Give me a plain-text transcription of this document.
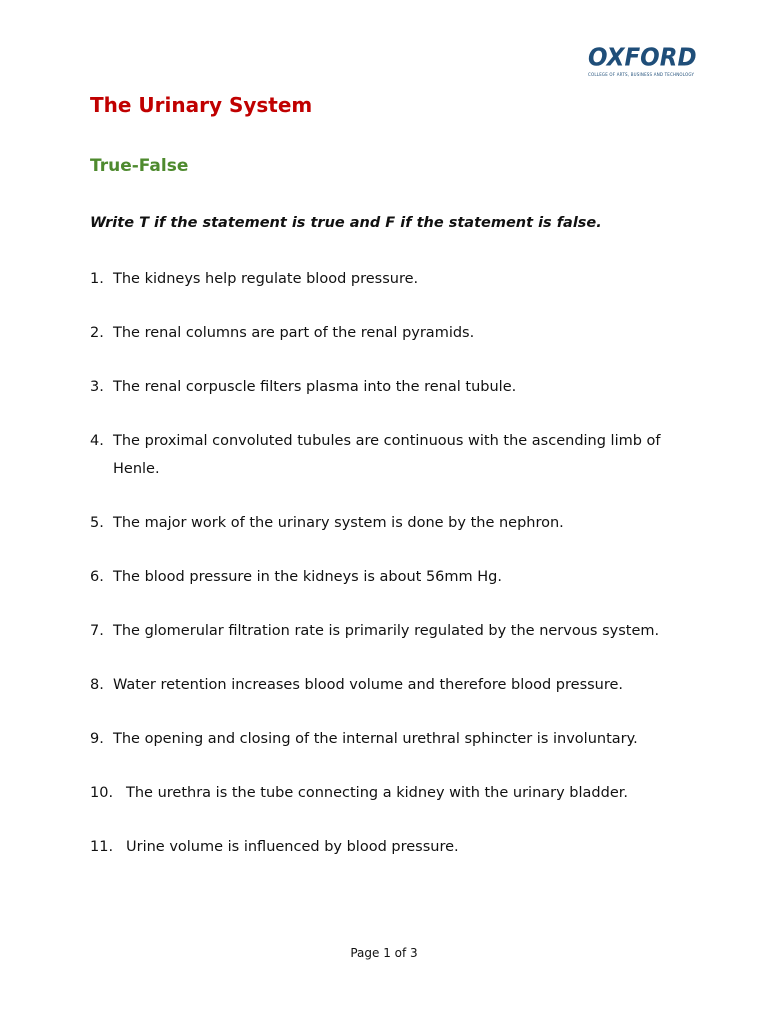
OXFORD
COLLEGE OF ARTS, BUSINESS AND TECHNOLOGY
The Urinary System
True-False

Write T if the statement is true and F if the statement is false.

1. The kidneys help regulate blood pressure.
2. The renal columns are part of the renal pyramids.
3. The renal corpuscle filters plasma into the renal tubule.
4. The proximal convoluted tubules are continuous with the ascending limb of Henle.
5. The major work of the urinary system is done by the nephron.
6. The blood pressure in the kidneys is about 56mm Hg.
7. The glomerular filtration rate is primarily regulated by the nervous system.
8. Water retention increases blood volume and therefore blood pressure.
9. The opening and closing of the internal urethral sphincter is involuntary.
10. The urethra is the tube connecting a kidney with the urinary bladder.
11. Urine volume is influenced by blood pressure.
Page 1 of 3
